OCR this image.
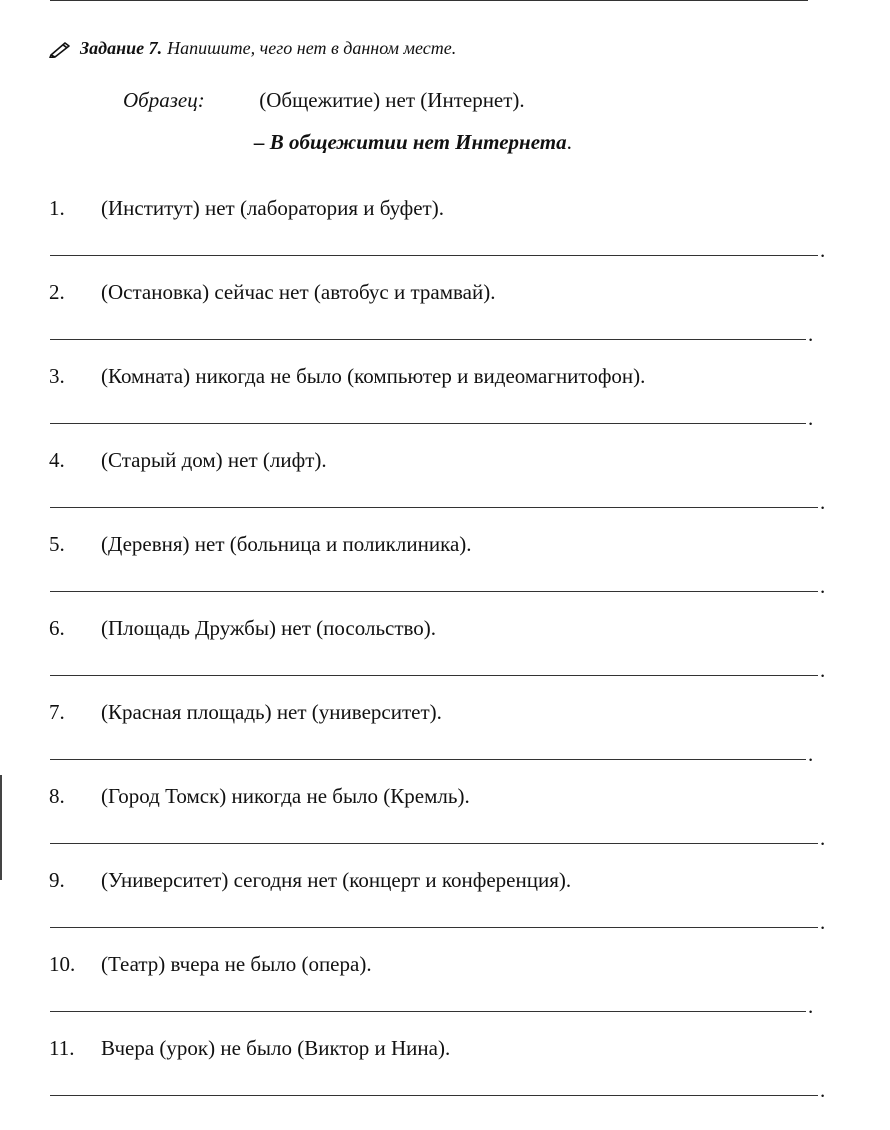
Задание 7. Напишите, чего нет в данном месте.
Образец:	(Общежитие) нет (Интернет).
– В общежитии нет Интернета.
1. (Институт) нет (лаборатория и буфет).
.
2. (Остановка) сейчас нет (автобус и трамвай).
.
3. (Комната) никогда не было (компьютер и видеомагнитофон).
.
4. (Старый дом) нет (лифт).
.
5. (Деревня) нет (больница и поликлиника).
.
6. (Площадь Дружбы) нет (посольство).
.
7. (Красная площадь) нет (университет).
.
8. (Город Томск) никогда не было (Кремль).
.
9. (Университет) сегодня нет (концерт и конференция).
.
10. (Театр) вчера не было (опера).
.
11. Вчера (урок) не было (Виктор и Нина).
.
